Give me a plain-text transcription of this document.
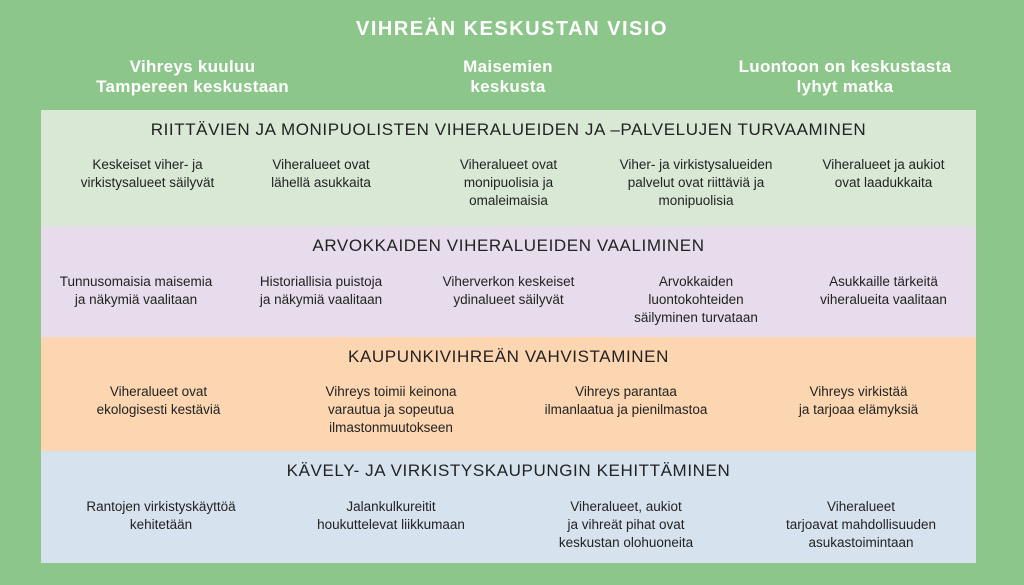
VIHREÄN KESKUSTAN VISIO
Vihreys kuuluu
Tampereen keskustaan
Maisemien
keskusta
Luontoon on keskustasta
lyhyt matka
RIITTÄVIEN JA MONIPUOLISTEN VIHERALUEIDEN JA –PALVELUJEN TURVAAMINEN
Keskeiset viher- ja
virkistysalueet säilyvät
Viheralueet ovat
lähellä asukkaita
Viheralueet ovat
monipuolisia ja
omaleimaisia
Viher- ja virkistysalueiden
palvelut ovat riittäviä ja
monipuolisia
Viheralueet ja aukiot
ovat laadukkaita
ARVOKKAIDEN VIHERALUEIDEN VAALIMINEN
Tunnusomaisia maisemia
ja näkymiä vaalitaan
Historiallisia puistoja
ja näkymiä vaalitaan
Viherverkon keskeiset
ydinalueet säilyvät
Arvokkaiden
luontokohteiden
säilyminen turvataan
Asukkaille tärkeitä
viheralueita vaalitaan
KAUPUNKIVIHREÄN VAHVISTAMINEN
Viheralueet ovat
ekologisesti kestäviä
Vihreys toimii keinona
varautua ja sopeutua
ilmastonmuutokseen
Vihreys parantaa
ilmanlaatua ja pienilmastoa
Vihreys virkistää
ja tarjoaa elämyksiä
KÄVELY- JA VIRKISTYSKAUPUNGIN KEHITTÄMINEN
Rantojen virkistyskäyttöä
kehitetään
Jalankulkureitit
houkuttelevat liikkumaan
Viheralueet, aukiot
ja vihreät pihat ovat
keskustan olohuoneita
Viheralueet
tarjoavat mahdollisuuden
asukastoimintaan
